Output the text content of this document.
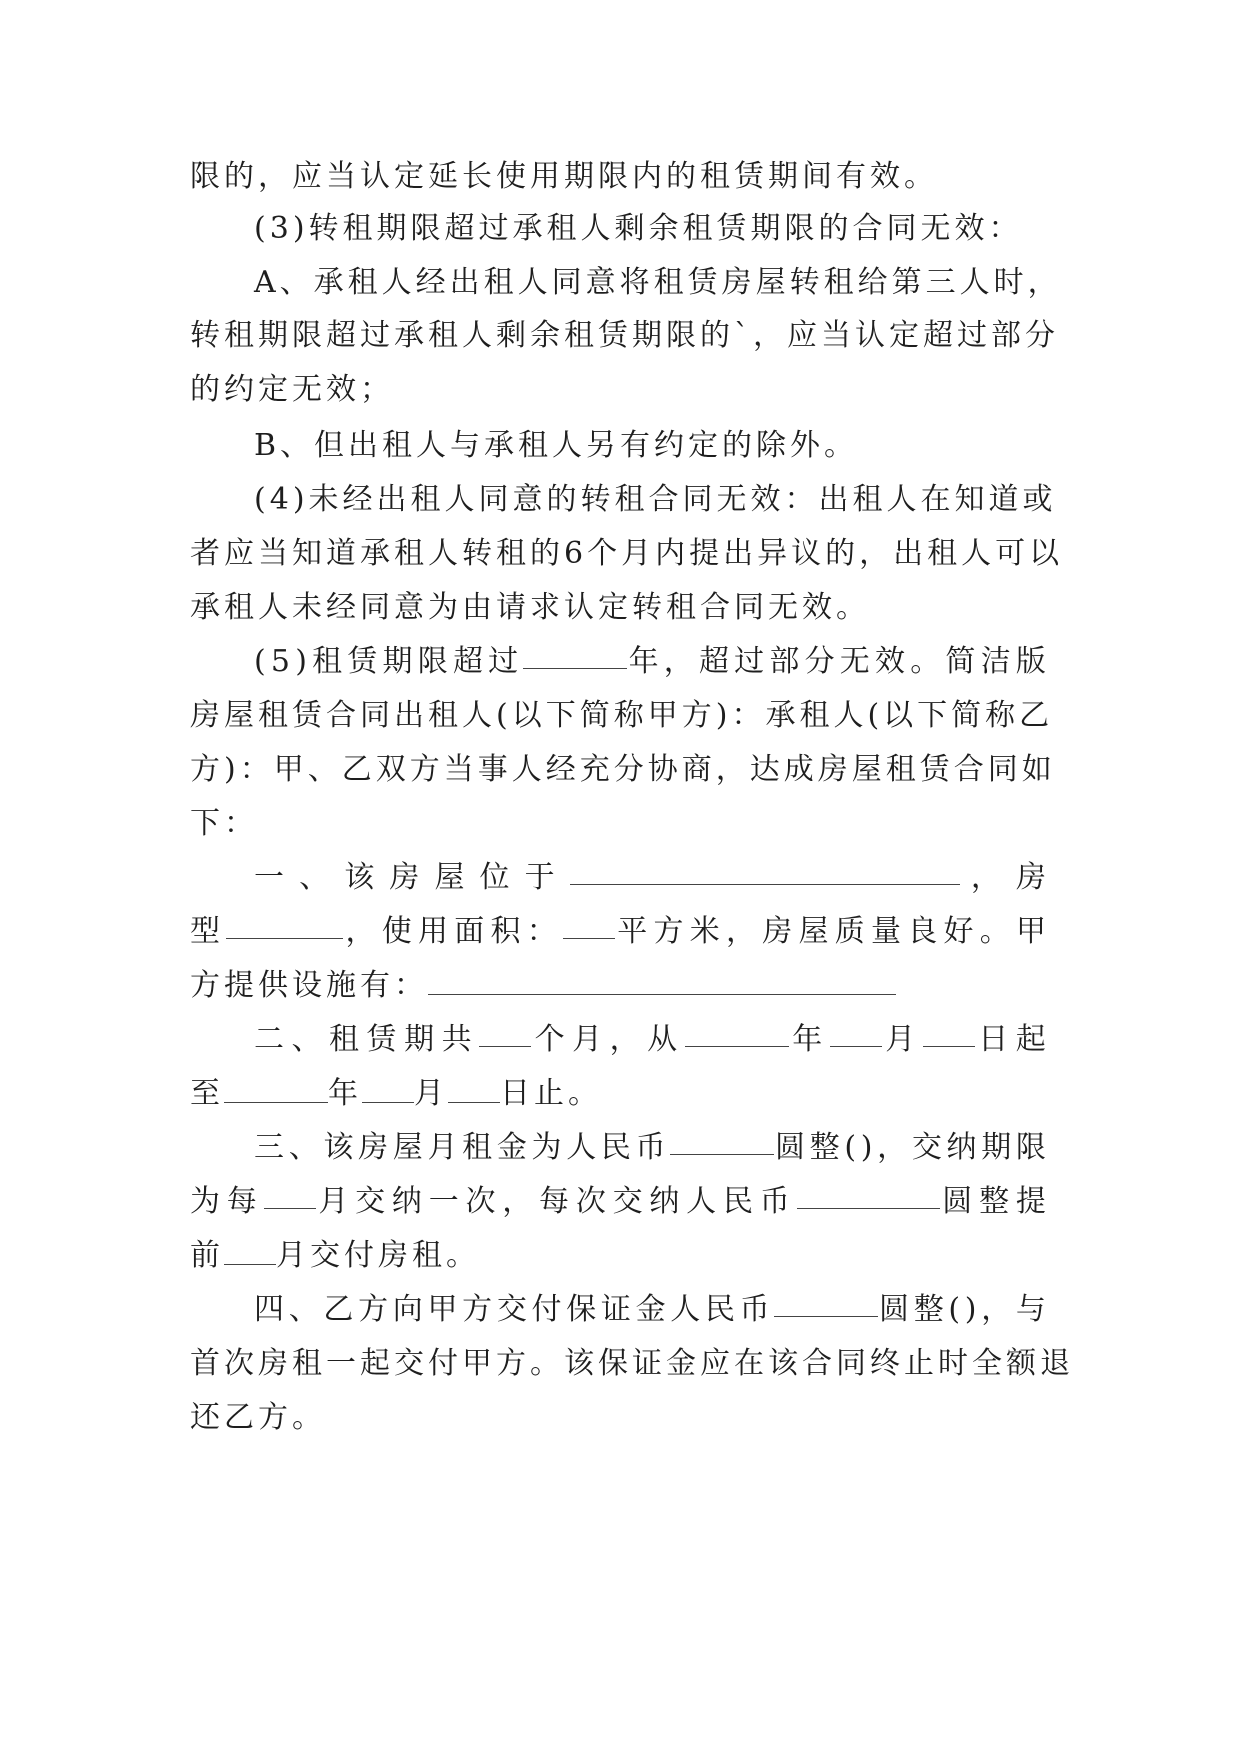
限的，应当认定延长使用期限内的租赁期间有效。
(3)转租期限超过承租人剩余租赁期限的合同无效：
A 、 承 租 人 经 出 租 人 同 意 将 租 赁 房 屋 转 租 给 第 三 人 时 ，
转 租 期 限 超 过 承 租 人 剩 余 租 赁 期 限 的 ` ， 应 当 认 定 超 过 部 分
的约定无效；
B、但出租人与承租人另有约定的除外。
( 4 ) 未 经 出 租 人 同 意 的 转 租 合 同 无 效 ： 出 租 人 在 知 道 或
者 应 当 知 道 承 租 人 转 租 的 6 个 月 内 提 出 异 议 的 ， 出 租 人 可 以
承租人未经同意为由请求认定转租合同无效。
( 5 ) 租 赁 期 限 超 过	年 ， 超 过 部 分 无 效 。 简 洁 版
房 屋 租 赁 合 同 出 租 人 ( 以 下 简 称 甲 方 ) ： 承 租 人 ( 以 下 简 称 乙
方 ) ： 甲 、 乙 双 方 当 事 人 经 充 分 协 商 ， 达 成 房 屋 租 赁 合 同 如
下：
一 、 该 房 屋 位 于	， 房
型	， 使 用 面 积 ： 平 方 米 ， 房 屋 质 量 良 好 。 甲
方提供设施有：
二 、 租 赁 期 共 个 月 ， 从	年 月 日 起
至	年 月 日止。
三 、 该 房 屋 月 租 金 为 人 民 币	圆 整 ( ) ， 交 纳 期 限
为 每 月 交 纳 一 次 ， 每 次 交 纳 人 民 币	圆 整 提
前 月交付房租。
四 、 乙 方 向 甲 方 交 付 保 证 金 人 民 币	圆 整 ( ) ， 与
首 次 房 租 一 起 交 付 甲 方 。 该 保 证 金 应 在 该 合 同 终 止 时 全 额 退
还乙方。
